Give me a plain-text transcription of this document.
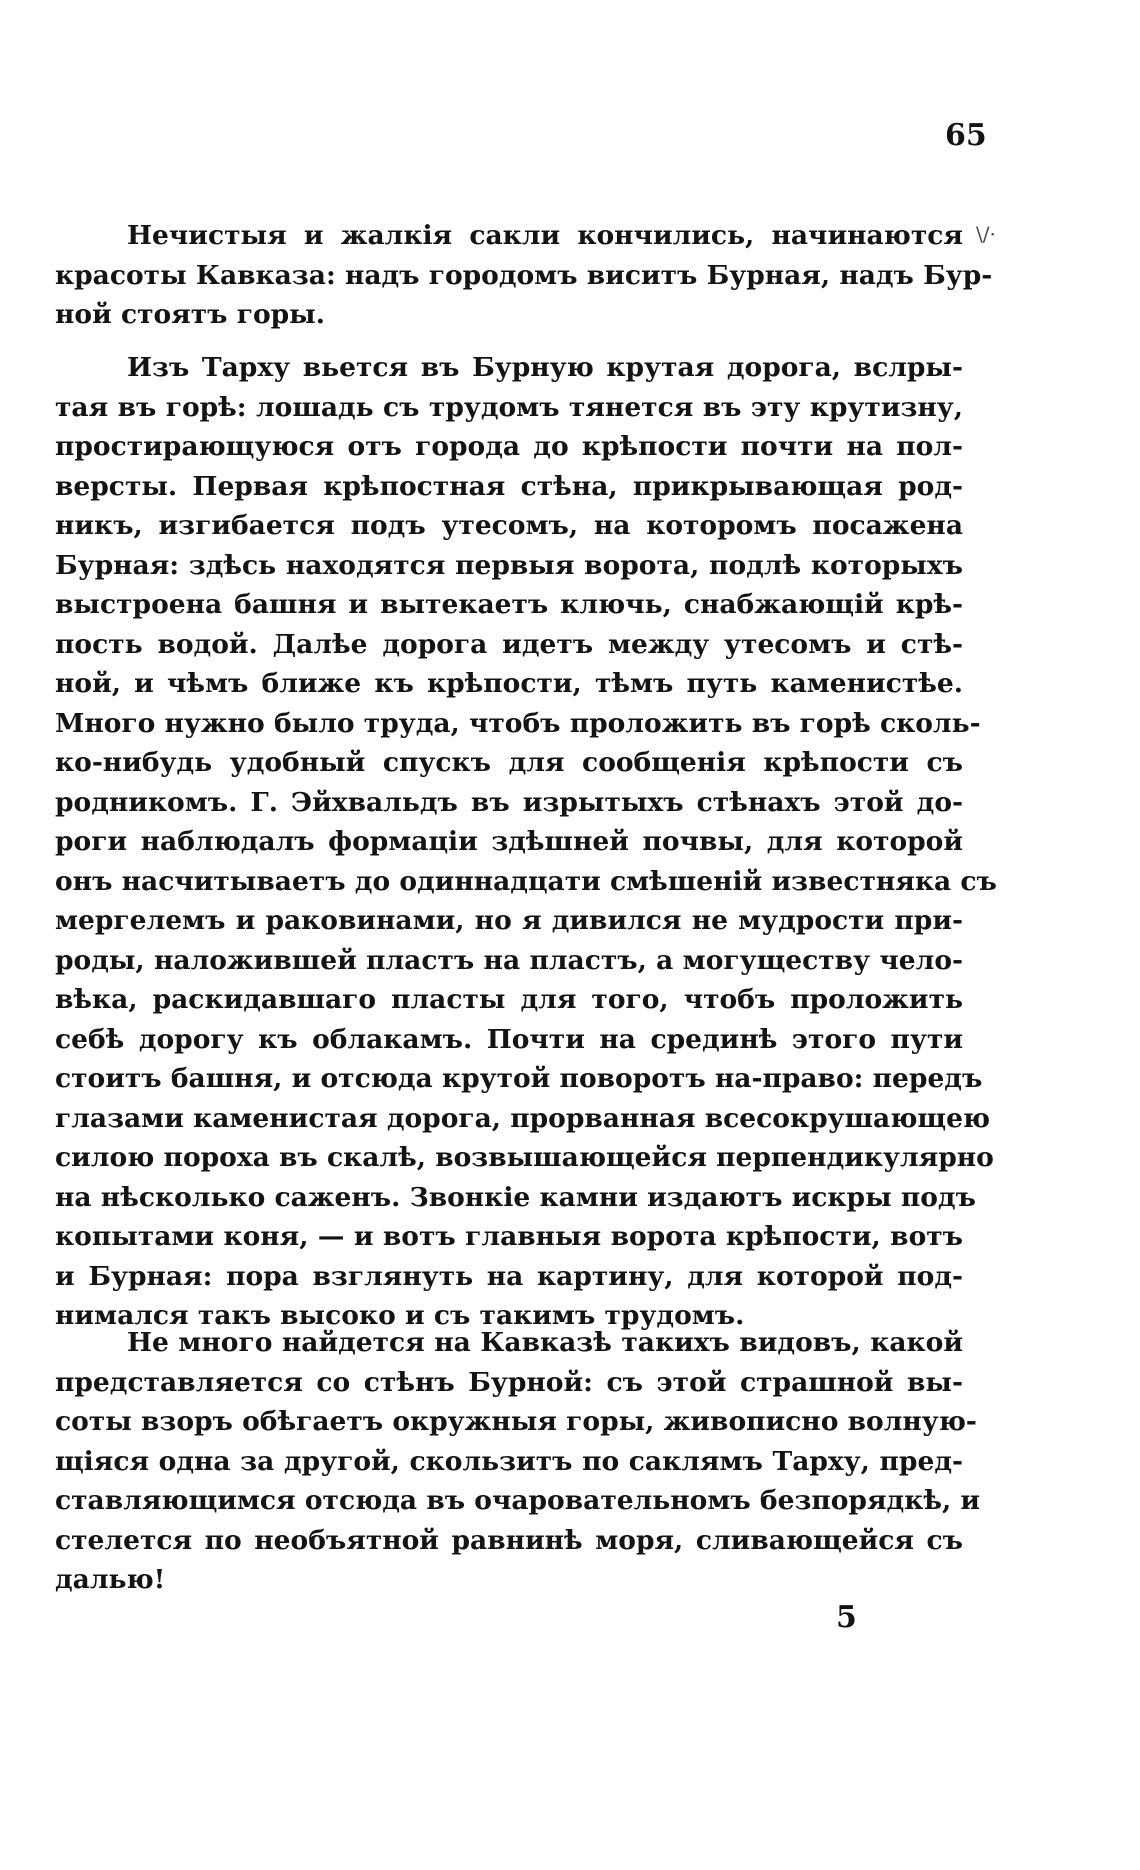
65
\/·
Нечистыя и жалкія сакли кончились, начинаются
красоты Кавказа: надъ городомъ виситъ Бурная, надъ Бур-
ной стоятъ горы.
Изъ Тарху вьется въ Бурную крутая дорога, вслры-
тая въ горѣ: лошадь съ трудомъ тянется въ эту крутизну,
простирающуюся отъ города до крѣпости почти на пол-
версты. Первая крѣпостная стѣна, прикрывающая род-
никъ, изгибается подъ утесомъ, на которомъ посажена
Бурная: здѣсь находятся первыя ворота, подлѣ которыхъ
выстроена башня и вытекаетъ ключь, снабжающій крѣ-
пость водой. Далѣе дорога идетъ между утесомъ и стѣ-
ной, и чѣмъ ближе къ крѣпости, тѣмъ путь каменистѣе.
Много нужно было труда, чтобъ проложить въ горѣ сколь-
ко-нибудь удобный спускъ для сообщенія крѣпости съ
родникомъ. Г. Эйхвальдъ въ изрытыхъ стѣнахъ этой до-
роги наблюдалъ формаціи здѣшней почвы, для которой
онъ насчитываетъ до одиннадцати смѣшеній известняка съ
мергелемъ и раковинами, но я дивился не мудрости при-
роды, наложившей пластъ на пластъ, а могуществу чело-
вѣка, раскидавшаго пласты для того, чтобъ проложить
себѣ дорогу къ облакамъ. Почти на срединѣ этого пути
стоитъ башня, и отсюда крутой поворотъ на-право: передъ
глазами каменистая дорога, прорванная всесокрушающею
силою пороха въ скалѣ, возвышающейся перпендикулярно
на нѣсколько саженъ. Звонкіе камни издаютъ искры подъ
копытами коня, — и вотъ главныя ворота крѣпости, вотъ
и Бурная: пора взглянуть на картину, для которой под-
нимался такъ высоко и съ такимъ трудомъ.
Не много найдется на Кавказѣ такихъ видовъ, какой
представляется со стѣнъ Бурной: съ этой страшной вы-
соты взоръ обѣгаетъ окружныя горы, живописно волную-
щіяся одна за другой, скользитъ по саклямъ Тарху, пред-
ставляющимся отсюда въ очаровательномъ безпорядкѣ, и
стелется по необъятной равнинѣ моря, сливающейся съ
далью!
5
